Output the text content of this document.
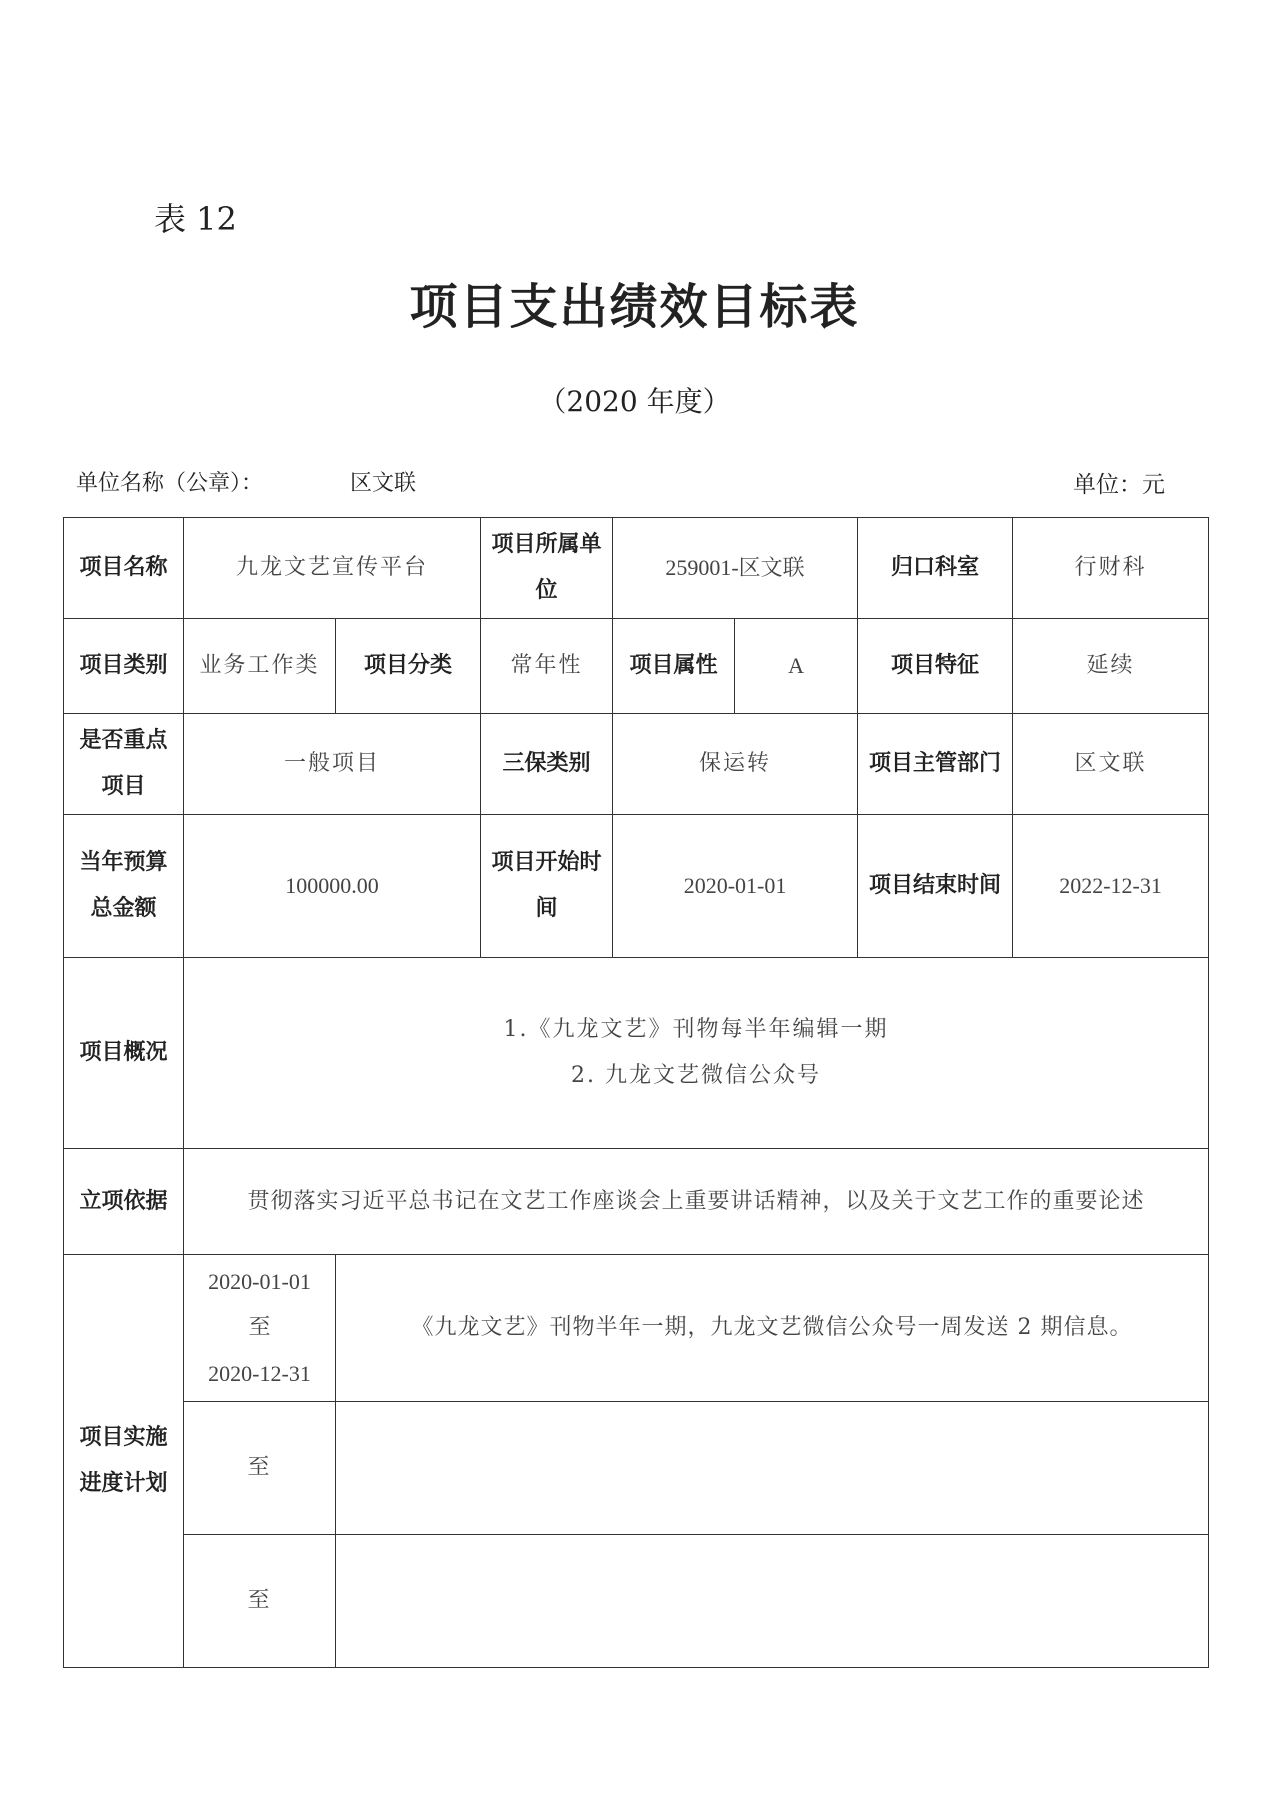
表 12
项目支出绩效目标表
（2020 年度）
单位名称（公章）：	区文联	单位：元
项目名称	九龙文艺宣传平台		项目所属单位	259001-区文联		归口科室	行财科
项目类别	业务工作类	项目分类	常年性	项目属性	A	项目特征	延续
是否重点项目	一般项目		三保类别	保运转		项目主管部门	区文联
当年预算总金额	100000.00		项目开始时间	2020-01-01		项目结束时间	2022-12-31
项目概况	1.《九龙文艺》刊物每半年编辑一期
2. 九龙文艺微信公众号						

立项依据	贯彻落实习近平总书记在文艺工作座谈会上重要讲话精神，以及关于文艺工作的重要论述						
项目实施进度计划	2020-01-01
至
2020-12-31	《九龙文艺》刊物半年一期，九龙文艺微信公众号一周发送 2 期信息。					
	至						
	至						
